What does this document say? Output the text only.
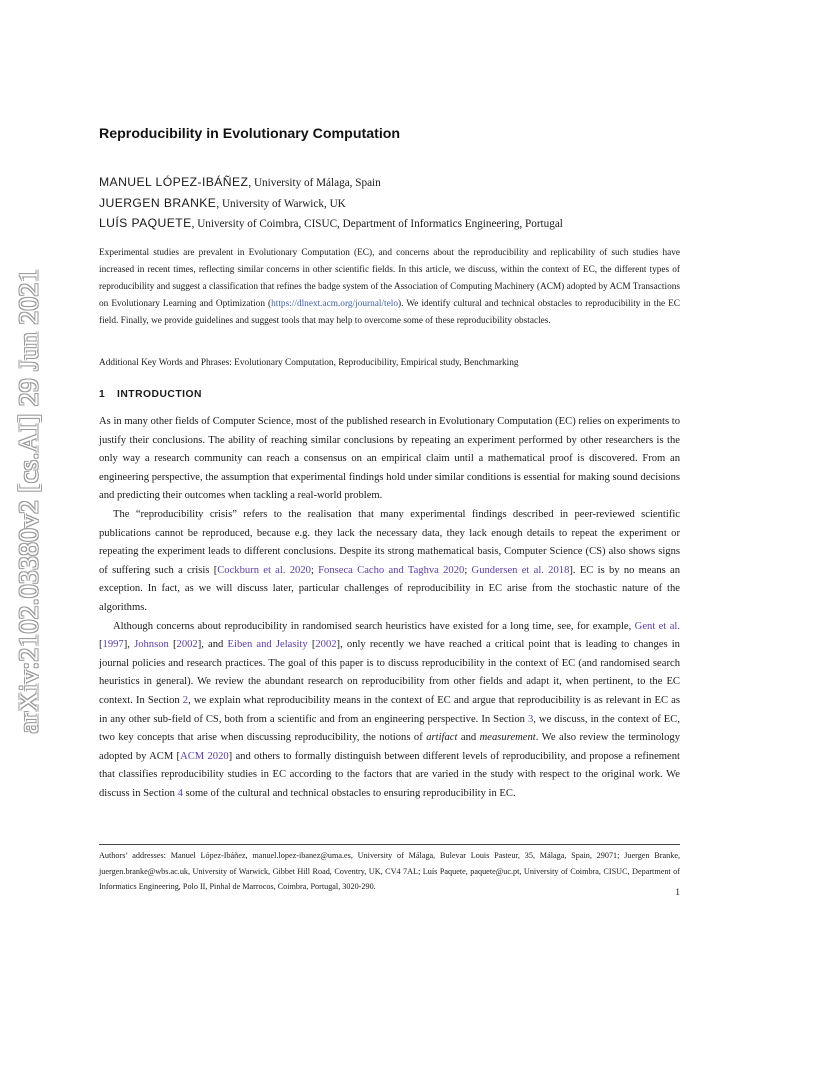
arXiv:2102.03380v2 [cs.AI] 29 Jun 2021
Reproducibility in Evolutionary Computation
MANUEL LÓPEZ-IBÁÑEZ, University of Málaga, Spain
JUERGEN BRANKE, University of Warwick, UK
LUÍS PAQUETE, University of Coimbra, CISUC, Department of Informatics Engineering, Portugal

Experimental studies are prevalent in Evolutionary Computation (EC), and concerns about the reproducibility and replicability of such studies have increased in recent times, reflecting similar concerns in other scientific fields. In this article, we discuss, within the context of EC, the different types of reproducibility and suggest a classification that refines the badge system of the Association of Computing Machinery (ACM) adopted by ACM Transactions on Evolutionary Learning and Optimization (https://dlnext.acm.org/journal/telo). We identify cultural and technical obstacles to reproducibility in the EC field. Finally, we provide guidelines and suggest tools that may help to overcome some of these reproducibility obstacles.

Additional Key Words and Phrases: Evolutionary Computation, Reproducibility, Empirical study, Benchmarking

1 INTRODUCTION

As in many other fields of Computer Science, most of the published research in Evolutionary Computation (EC) relies on experiments to justify their conclusions. The ability of reaching similar conclusions by repeating an experiment performed by other researchers is the only way a research community can reach a consensus on an empirical claim until a mathematical proof is discovered. From an engineering perspective, the assumption that experimental findings hold under similar conditions is essential for making sound decisions and predicting their outcomes when tackling a real-world problem.

The “reproducibility crisis” refers to the realisation that many experimental findings described in peer-reviewed scientific publications cannot be reproduced, because e.g. they lack the necessary data, they lack enough details to repeat the experiment or repeating the experiment leads to different conclusions. Despite its strong mathematical basis, Computer Science (CS) also shows signs of suffering such a crisis [Cockburn et al. 2020; Fonseca Cacho and Taghva 2020; Gundersen et al. 2018]. EC is by no means an exception. In fact, as we will discuss later, particular challenges of reproducibility in EC arise from the stochastic nature of the algorithms.

Although concerns about reproducibility in randomised search heuristics have existed for a long time, see, for example, Gent et al. [1997], Johnson [2002], and Eiben and Jelasity [2002], only recently we have reached a critical point that is leading to changes in journal policies and research practices. The goal of this paper is to discuss reproducibility in the context of EC (and randomised search heuristics in general). We review the abundant research on reproducibility from other fields and adapt it, when pertinent, to the EC context. In Section 2, we explain what reproducibility means in the context of EC and argue that reproducibility is as relevant in EC as in any other sub-field of CS, both from a scientific and from an engineering perspective. In Section 3, we discuss, in the context of EC, two key concepts that arise when discussing reproducibility, the notions of artifact and measurement. We also review the terminology adopted by ACM [ACM 2020] and others to formally distinguish between different levels of reproducibility, and propose a refinement that classifies reproducibility studies in EC according to the factors that are varied in the study with respect to the original work. We discuss in Section 4 some of the cultural and technical obstacles to ensuring reproducibility in EC.

Authors’ addresses: Manuel López-Ibáñez, manuel.lopez-ibanez@uma.es, University of Málaga, Bulevar Louis Pasteur, 35, Málaga, Spain, 29071; Juergen Branke, juergen.branke@wbs.ac.uk, University of Warwick, Gibbet Hill Road, Coventry, UK, CV4 7AL; Luís Paquete, paquete@uc.pt, University of Coimbra, CISUC, Department of Informatics Engineering, Polo II, Pinhal de Marrocos, Coimbra, Portugal, 3020-290.

1
